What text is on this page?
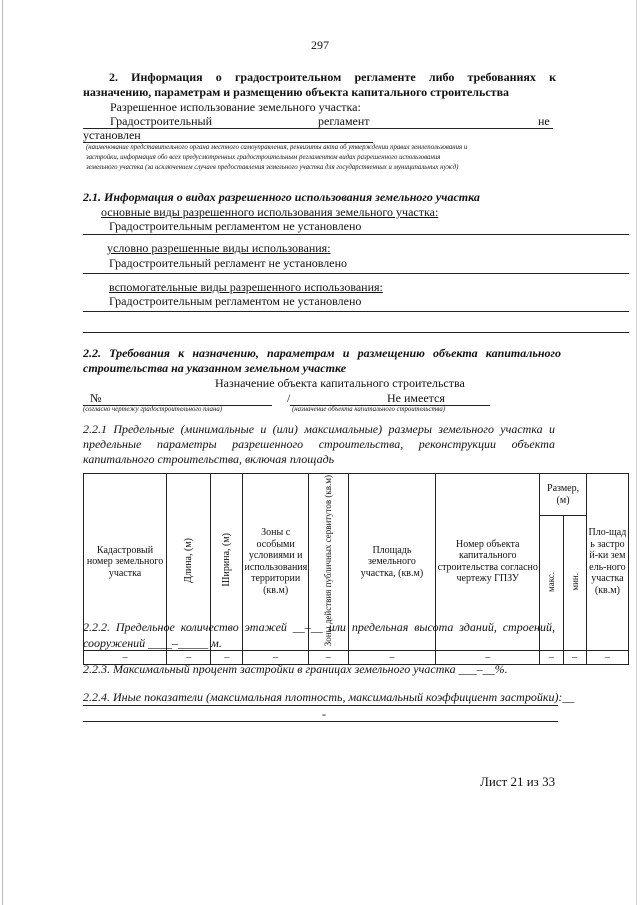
297
2. Информация о градостроительном регламенте либо требованиях к
назначению, параметрам и размещению объекта капитального строительства
Разрешенное использование земельного участка:
Градостроительный	регламент	не
установлен
(наименование представительного органа местного самоуправления, реквизиты акта об утверждении правил землепользования и
застройки, информация обо всех предусмотренных градостроительным регламентом видах разрешенного использования
земельного участка (за исключением случаев предоставления земельного участка для государственных и муниципальных нужд)
2.1. Информация о видах разрешенного использования земельного участка
основные виды разрешенного использования земельного участка:
Градостроительным регламентом не установлено
условно разрешенные виды использования:
Градостроительный регламент не установлено
вспомогательные виды разрешенного использования:
Градостроительным регламентом не установлено
2.2. Требования к назначению, параметрам и размещению объекта капитального
строительства на указанном земельном участке
Назначение объекта капитального строительства
№	/	Не имеется
(согласно чертежу градостроительного плана)	(назначение объекта капитального строительства)
2.2.1 Предельные (минимальные и (или) максимальные) размеры земельного участка и
предельные параметры разрешенного строительства, реконструкции объекта
капитального строительства, включая площадь
Кадастровый номер земельного участка	Длина, (м)	Ширина, (м)	Зоны с особыми условиями и использования территории (кв.м)	Зоны действия публичных сервитутов (кв.м)	Площадь земельного участка, (кв.м)	Номер объекта капитального строительства согласно чертежу ГПЗУ	Размер, (м)		Пло-щадь застрой-ки земель-ного участка (кв.м)
							макс.	мин.	
–	–	–	–	–	–	–	–	–	–
2.2.2. Предельное количество этажей __–__ или предельная высота зданий, строений,
сооружений ____–_____ м.
2.2.3. Максимальный процент застройки в границах земельного участка ___–__%.
2.2.4. Иные показатели (максимальная плотность, максимальный коэффициент застройки):__
-
Лист 21 из 33
